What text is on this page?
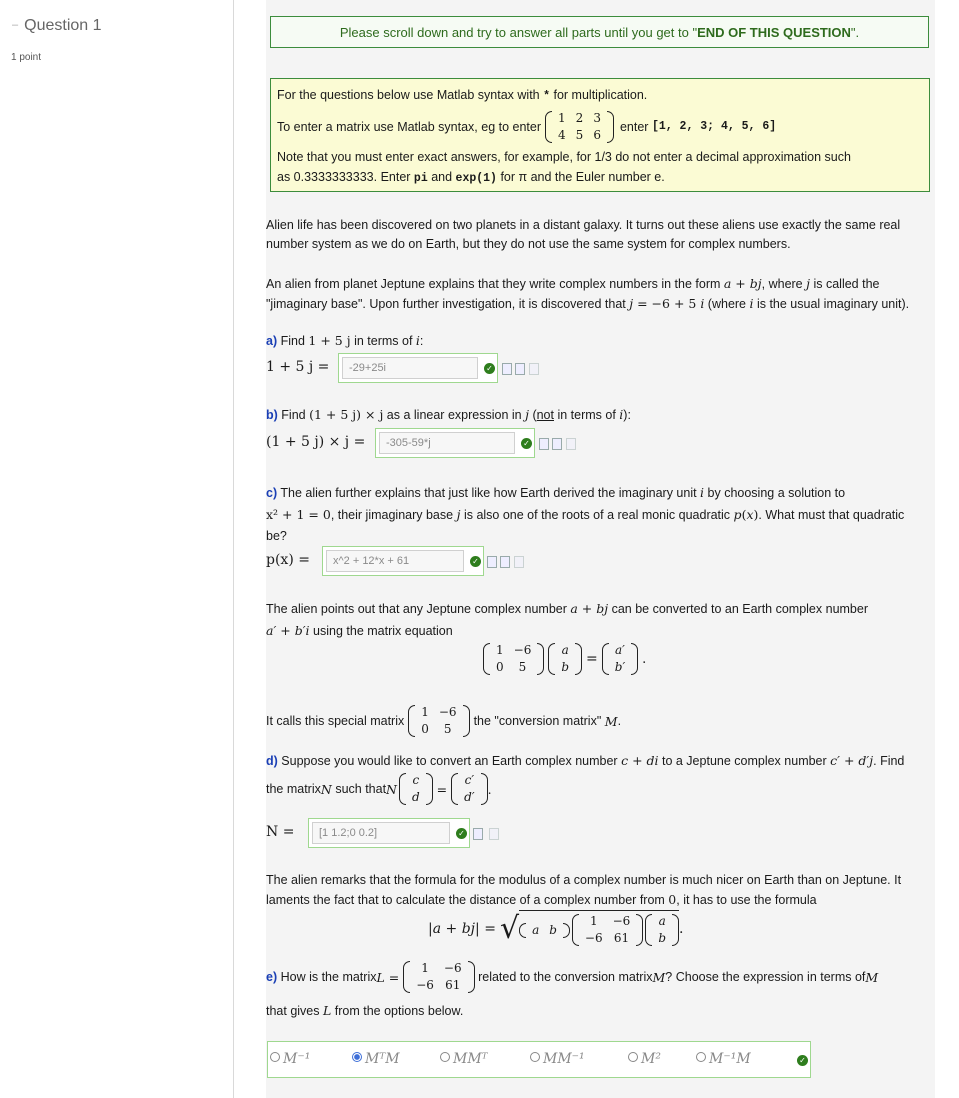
– Question 1
1 point
Please scroll down and try to answer all parts until you get to " END OF THIS QUESTION ".
For the questions below use Matlab syntax with * for multiplication.
To enter a matrix use Matlab syntax, eg to enter
1	2	3
4	5	6
enter
[1, 2, 3; 4, 5, 6]
Note that you must enter exact answers, for example, for 1/3 do not enter a decimal approximation such
as 0.3333333333. Enter pi and exp(1) for π and the Euler number e.
Alien life has been discovered on two planets in a distant galaxy. It turns out these aliens use exactly the same real number system as we do on Earth, but they do not use the same system for complex numbers.
An alien from planet Jeptune explains that they write complex numbers in the form a + bj, where j is called the "jimaginary base". Upon further investigation, it is discovered that j = −6 + 5 i (where i is the usual imaginary unit).
a) Find 1 + 5 j in terms of i:
1 + 5 j =	-29+25i	✓
b) Find (1 + 5 j) × j as a linear expression in j (not in terms of i):
(1 + 5 j) × j =	-305-59*j	✓
c) The alien further explains that just like how Earth derived the imaginary unit i by choosing a solution to
x² + 1 = 0, their jimaginary base j is also one of the roots of a real monic quadratic p(x). What must that quadratic
be?
p(x) =	x^2 + 12*x + 61	✓
The alien points out that any Jeptune complex number a + bj can be converted to an Earth complex number
a′ + b′i using the matrix equation
1	−6
0	5
a
b =
a′
b′
.
It calls this special matrix
1	−6
0	5
the "conversion matrix"
M .
d) Suppose you would like to convert an Earth complex number c + di to a Jeptune complex number c′ + d′j. Find
the matrix N
such that N
c
d
=
c′
d′
.
N =	[1 1.2;0 0.2]	✓
The alien remarks that the formula for the modulus of a complex number is much nicer on Earth than on Jeptune. It
laments the fact that to calculate the distance of a complex number from 0, it has to use the formula
|a + bj| = √ a	b
1	−6
−6	61
a
b
.
e)
How is the matrix L =
1	−6
−6	61

related to the conversion matrix M ? Choose the expression in terms of M
that gives L from the options below.
M⁻¹	MᵀM	MMᵀ	MM⁻¹	M²	M⁻¹M	✓
